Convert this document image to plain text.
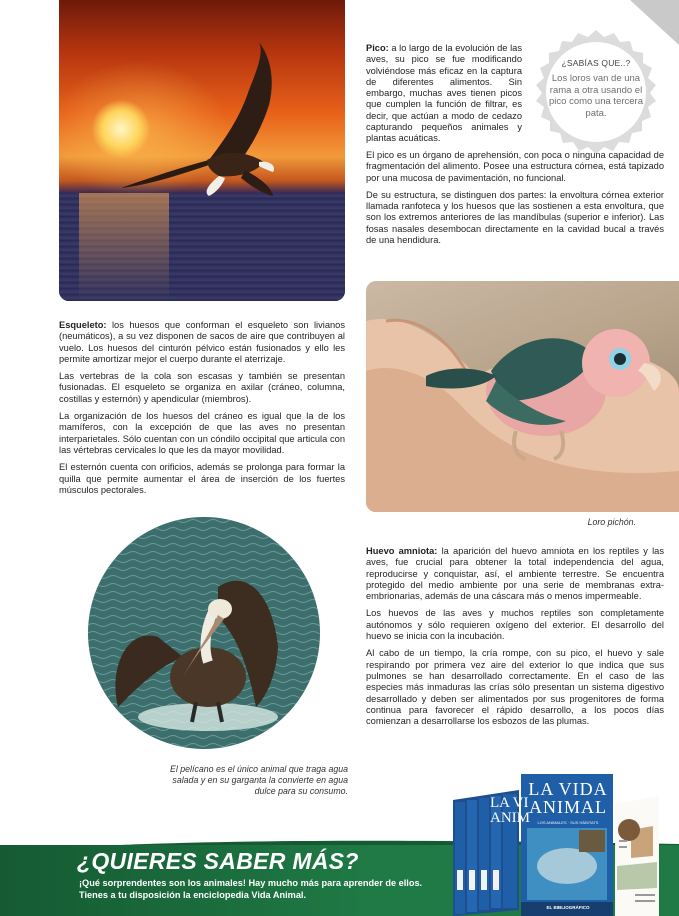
¿SABÍAS QUE..?
Los loros van de una rama a otra usando el pico como una tercera pata.

Pico: a lo largo de la evolución de las aves, su pico se fue modificando volviéndose más eficaz en la captura de diferentes alimentos. Sin embargo, muchas aves tienen picos que cumplen la función de filtrar, es decir, que actúan a modo de cedazo capturando pequeños animales y plantas acuáticas.

El pico es un órgano de aprehensión, con poca o ninguna capacidad de fragmentación del alimento. Posee una estructura córnea, está tapizado por una mucosa de pavimentación, no funcional.

De su estructura, se distinguen dos partes: la envoltura córnea exterior llamada ranfoteca y los huesos que las sostienen a esta envoltura, que son los extremos anteriores de las mandíbulas (superior e inferior). Las fosas nasales desembocan directamente en la cavidad bucal a través de una hendidura.

Esqueleto: los huesos que conforman el esqueleto son livianos (neumáticos), a su vez disponen de sacos de aire que contribuyen al vuelo. Los huesos del cinturón pélvico están fusionados y ello les permite amortizar mejor el cuerpo durante el aterrizaje.

Las vertebras de la cola son escasas y también se presentan fusionadas. El esqueleto se organiza en axilar (cráneo, columna, costillas y esternón) y apendicular (miembros).

La organización de los huesos del cráneo es igual que la de los mamíferos, con la excepción de que las aves no presentan interparietales. Sólo cuentan con un cóndilo occipital que articula con las vértebras cervicales lo que les da mayor movilidad.

El esternón cuenta con orificios, además se prolonga para formar la quilla que permite aumentar el área de inserción de los fuertes músculos pectorales.

Loro pichón.
El pelícano es el único animal que traga agua salada y en su garganta la convierte en agua dulce para su consumo.

Huevo amniota: la aparición del huevo amniota en los reptiles y las aves, fue crucial para obtener la total independencia del agua, reproducirse y conquistar, así, el ambiente terrestre. Se encuentra protegido del medio ambiente por una serie de membranas extra-embrionarias, además de una cáscara más o menos impermeable.

Los huevos de las aves y muchos reptiles son completamente autónomos y sólo requieren oxígeno del exterior. El desarrollo del huevo se inicia con la incubación.

Al cabo de un tiempo, la cría rompe, con su pico, el huevo y sale respirando por primera vez aire del exterior lo que indica que sus pulmones se han desarrollado correctamente. En el caso de las especies más inmaduras las crías sólo presentan un sistema digestivo desarrollado y deben ser alimentados por sus progenitores de forma continua para favorecer el rápido desarrollo, a los pocos días comienzan a desarrollarse los esbozos de las plumas.

¿QUIERES SABER MÁS?
¡Qué sorprendentes son los animales! Hay mucho más para aprender de ellos.
Tienes a tu disposición la enciclopedia Vida Animal.
LA VI ANIM
LA VIDA
ANIMAL
LOS ANIMALES · SUS HÁBITATS
EL BIBLIOGRÁFICO
